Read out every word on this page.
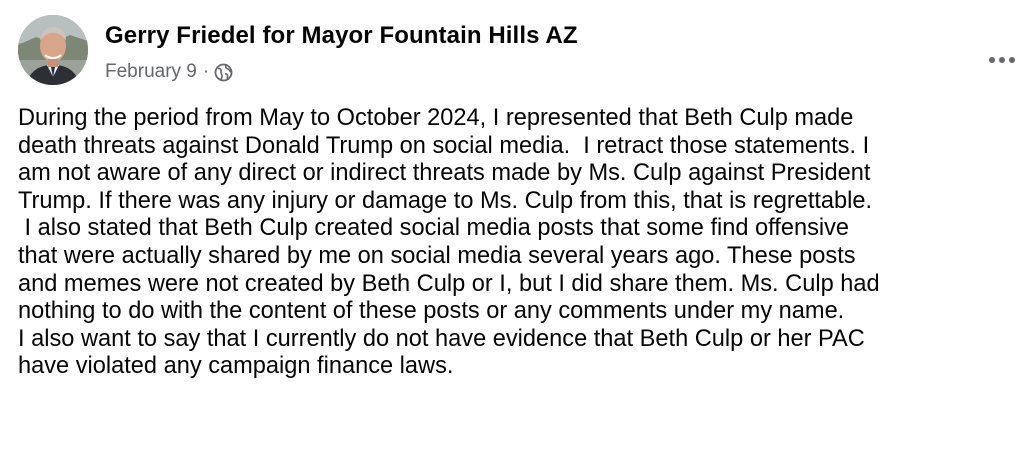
Gerry Friedel for Mayor Fountain Hills AZ
February 9 ·
During the period from May to October 2024, I represented that Beth Culp made
death threats against Donald Trump on social media.  I retract those statements. I
am not aware of any direct or indirect threats made by Ms. Culp against President
Trump. If there was any injury or damage to Ms. Culp from this, that is regrettable.
I also stated that Beth Culp created social media posts that some find offensive
that were actually shared by me on social media several years ago. These posts
and memes were not created by Beth Culp or I, but I did share them. Ms. Culp had
nothing to do with the content of these posts or any comments under my name.
I also want to say that I currently do not have evidence that Beth Culp or her PAC
have violated any campaign finance laws.
